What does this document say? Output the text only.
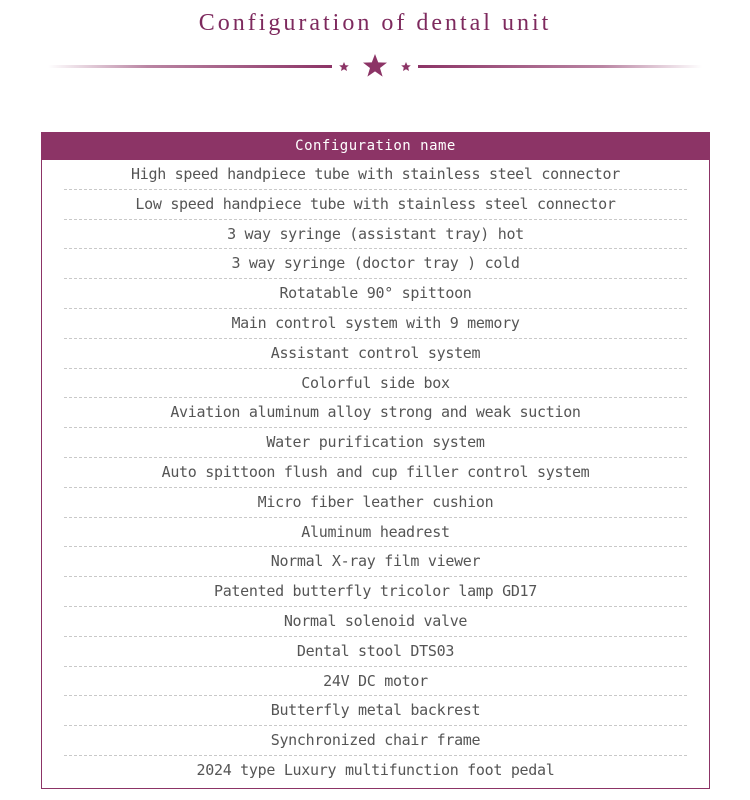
Configuration of dental unit
Configuration name
High speed handpiece tube with stainless steel connector
Low speed handpiece tube with stainless steel connector
3 way syringe (assistant tray) hot
3 way syringe (doctor tray ) cold
Rotatable 90° spittoon
Main control system with 9 memory
Assistant control system
Colorful side box
Aviation aluminum alloy strong and weak suction
Water purification system
Auto spittoon flush and cup filler control system
Micro fiber leather cushion
Aluminum headrest
Normal X-ray film viewer
Patented butterfly tricolor lamp GD17
Normal solenoid valve
Dental stool DTS03
24V DC motor
Butterfly metal backrest
Synchronized chair frame
2024 type Luxury multifunction foot pedal
